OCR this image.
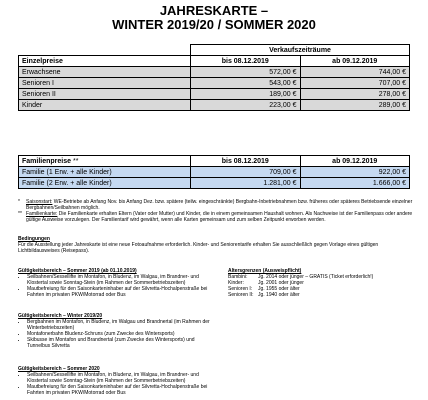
JAHRESKARTE –
WINTER 2019/20 / SOMMER 2020
	Verkaufszeiträume	
Einzelpreise	bis 08.12.2019	ab 09.12.2019
Erwachsene	572,00 €	744,00 €
Senioren I	543,00 €	707,00 €
Senioren II	189,00 €	278,00 €
Kinder	223,00 €	289,00 €
Familienpreise **	bis 08.12.2019	ab 09.12.2019
Familie (1 Erw. + alle Kinder)	709,00 €	922,00 €
Familie (2 Erw. + alle Kinder)	1.281,00 €	1.666,00 €
*	Saisonstart: WE-Betriebe ab Anfang Nov. bis Anfang Dez. bzw. spätere (teilw. eingeschränkte) Bergbahn-Inbetriebnahmen bzw. früheres oder späteres Betriebsende einzelner Bergbahnen/Seilbahnen möglich.
** Familienkarte: Die Familienkarte erhalten Eltern (Vater oder Mutter) und Kinder, die in einem gemeinsamen Haushalt wohnen. Als Nachweise ist der Familienpass oder andere gültige Ausweise vorzulegen. Der Familientarif wird gewährt, wenn alle Karten gemeinsam und zum selben Zeitpunkt erworben werden.
Bedingungen
Für die Ausstellung jeder Jahreskarte ist eine neue Fotoaufnahme erforderlich. Kinder- und Seniorentarife erhalten Sie ausschließlich gegen Vorlage eines gültigen Lichtbildausweises (Reisepass).
Gültigkeitsbereich – Sommer 2019 (ab 01.10.2019)
• Seilbahnen/Sessellifte im Montafon, in Bludenz, im Walgau, im Brandner- und Klostertal sowie Sonntag-Stein (im Rahmen der Sommerbetriebszeiten)
• Mautbefreiung für den Saisonkarteninhaber auf der Silvretta-Hochalpenstraße bei Fahrten im privaten PKW/Motorrad oder Bus
Altersgrenzen (Ausweispflicht)
Bambini:	Jg. 2014 oder jünger – GRATIS (Ticket erforderlich!)
Kinder:	Jg. 2001 oder jünger
Senioren I:	Jg. 1955 oder älter
Senioren II: Jg. 1940 oder älter
Gültigkeitsbereich – Winter 2019/20
• Bergbahnen im Montafon, in Bludenz, im Walgau und Brandnertal (im Rahmen der Winterbetriebszeiten)
• Montafonerbahn Bludenz-Schruns (zum Zwecke des Wintersports)
• Skibusse im Montafon und Brandnertal (zum Zwecke des Wintersports) und Tunnelbus Silvretta
Gültigkeitsbereich – Sommer 2020
• Seilbahnen/Sessellifte im Montafon, in Bludenz, im Walgau, im Brandner- und Klostertal sowie Sonntag-Stein (im Rahmen der Sommerbetriebszeiten)
• Mautbefreiung für den Saisonkarteninhaber auf der Silvretta-Hochalpenstraße bei Fahrten im privaten PKW/Motorrad oder Bus
